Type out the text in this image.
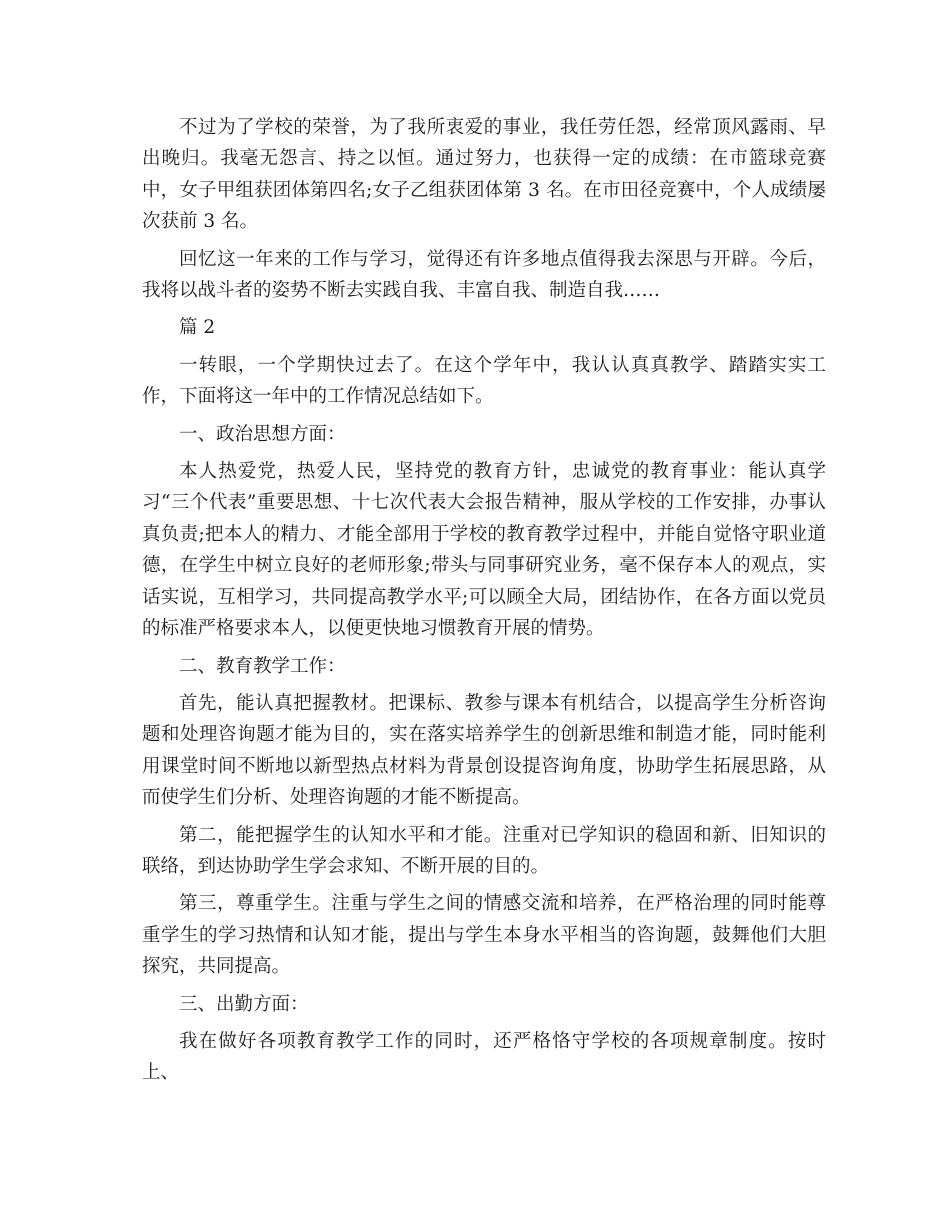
不过为了学校的荣誉，为了我所衷爱的事业，我任劳任怨，经常顶风露雨、早出晚归。我毫无怨言、持之以恒。通过努力，也获得一定的成绩：在市篮球竞赛中，女子甲组获团体第四名;女子乙组获团体第 3 名。在市田径竞赛中，个人成绩屡次获前 3 名。

回忆这一年来的工作与学习，觉得还有许多地点值得我去深思与开辟。今后，我将以战斗者的姿势不断去实践自我、丰富自我、制造自我……

篇 2

一转眼，一个学期快过去了。在这个学年中，我认认真真教学、踏踏实实工作，下面将这一年中的工作情况总结如下。

一、政治思想方面：

本人热爱党，热爱人民，坚持党的教育方针，忠诚党的教育事业：能认真学习“三个代表”重要思想、十七次代表大会报告精神，服从学校的工作安排，办事认真负责;把本人的精力、才能全部用于学校的教育教学过程中，并能自觉恪守职业道德，在学生中树立良好的老师形象;带头与同事研究业务，毫不保存本人的观点，实话实说，互相学习，共同提高教学水平;可以顾全大局，团结协作，在各方面以党员的标准严格要求本人，以便更快地习惯教育开展的情势。

二、教育教学工作：

首先，能认真把握教材。把课标、教参与课本有机结合，以提高学生分析咨询题和处理咨询题才能为目的，实在落实培养学生的创新思维和制造才能，同时能利用课堂时间不断地以新型热点材料为背景创设提咨询角度，协助学生拓展思路，从而使学生们分析、处理咨询题的才能不断提高。

第二，能把握学生的认知水平和才能。注重对已学知识的稳固和新、旧知识的联络，到达协助学生学会求知、不断开展的目的。

第三，尊重学生。注重与学生之间的情感交流和培养，在严格治理的同时能尊重学生的学习热情和认知才能，提出与学生本身水平相当的咨询题，鼓舞他们大胆探究，共同提高。

三、出勤方面：

我在做好各项教育教学工作的同时，还严格恪守学校的各项规章制度。按时上、
